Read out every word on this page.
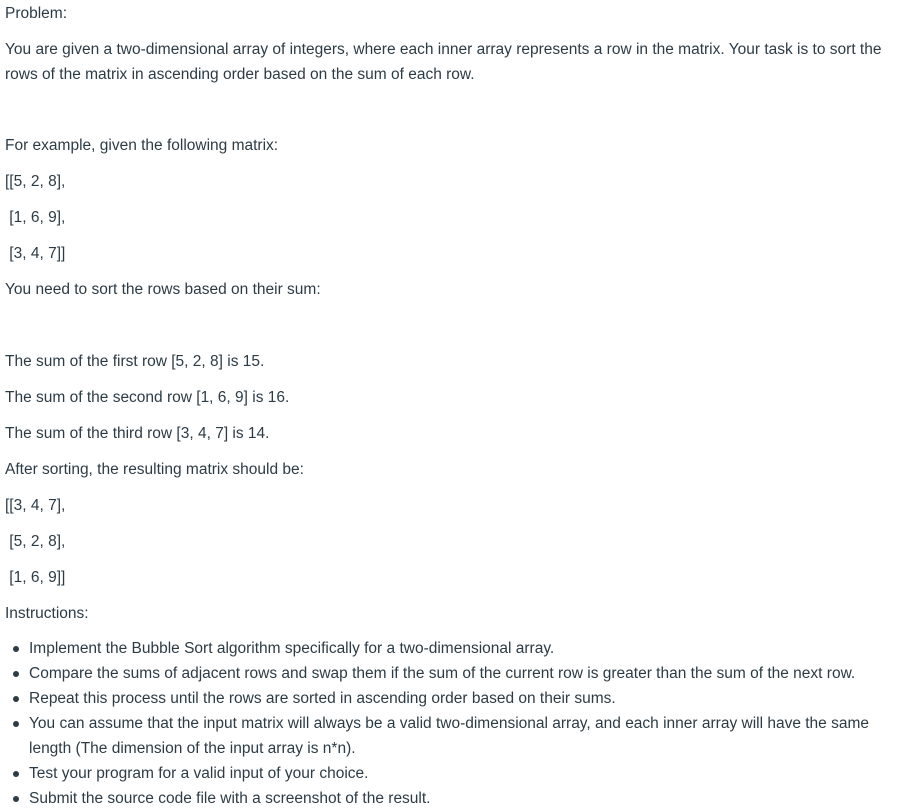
Problem:
You are given a two-dimensional array of integers, where each inner array represents a row in the matrix. Your task is to sort the rows of the matrix in ascending order based on the sum of each row.
For example, given the following matrix:
[[5, 2, 8],
[1, 6, 9],
[3, 4, 7]]
You need to sort the rows based on their sum:
The sum of the first row [5, 2, 8] is 15.
The sum of the second row [1, 6, 9] is 16.
The sum of the third row [3, 4, 7] is 14.
After sorting, the resulting matrix should be:
[[3, 4, 7],
[5, 2, 8],
[1, 6, 9]]
Instructions:
Implement the Bubble Sort algorithm specifically for a two-dimensional array.
Compare the sums of adjacent rows and swap them if the sum of the current row is greater than the sum of the next row.
Repeat this process until the rows are sorted in ascending order based on their sums.
You can assume that the input matrix will always be a valid two-dimensional array, and each inner array will have the same length (The dimension of the input array is n*n).
Test your program for a valid input of your choice.
Submit the source code file with a screenshot of the result.
